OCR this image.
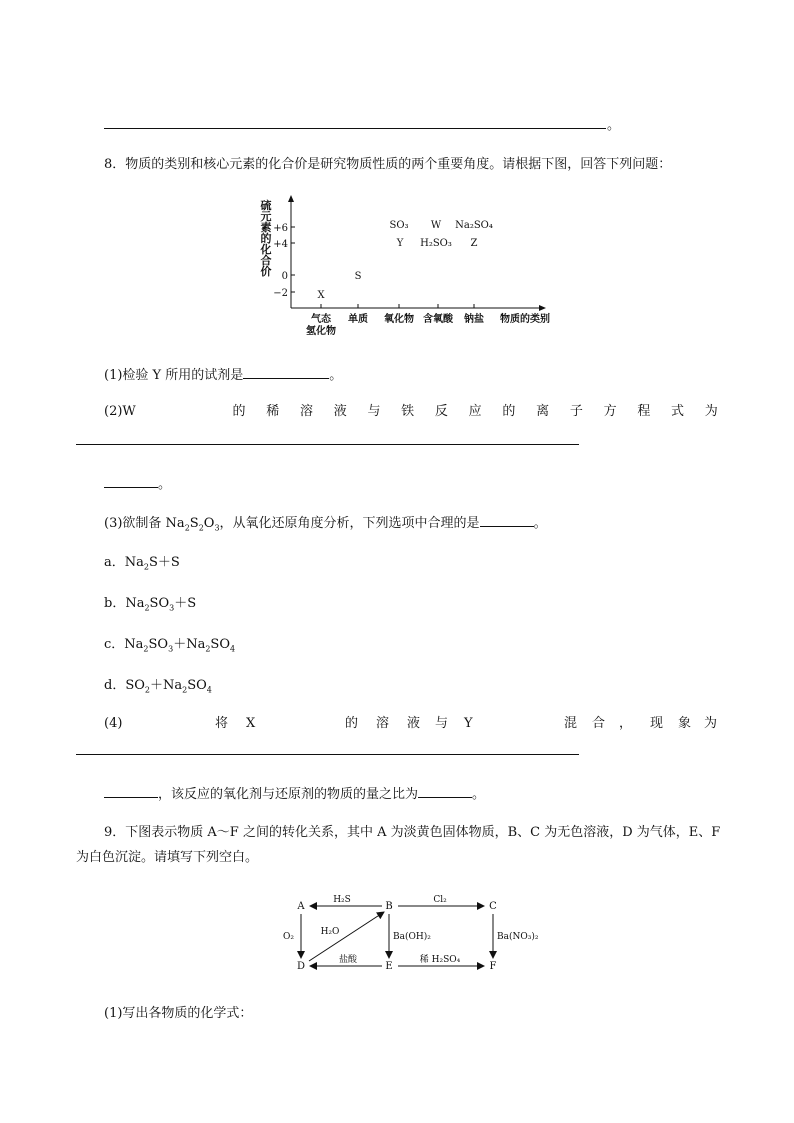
。
8．物质的类别和核心元素的化合价是研究物质性质的两个重要角度。请根据下图，回答下列问题：
硫
元
素
的
化
合
价
+6
+4
0
−2
气态
氢化物
单质 氧化物 含氧酸 钠盐 物质的类别
X
S
SO₃ W Na₂SO₄
Y H₂SO₃ Z
(1)检验 Y 所用的试剂是	。
(2)W	的 稀 溶 液 与 铁 反 应 的 离 子 方 程 式 为
。
(3)欲制备 $Na_2S_2O_3$，从氧化还原角度分析，下列选项中合理的是	。
a．$Na_2S+S$
b．$Na_2SO_3+S$
c．$Na_2SO_3+Na_2SO_4$
d．$SO_2+Na_2SO_4$
(4)	将 X	的 溶 液 与 Y	混 合 ， 现 象 为
，该反应的氧化剂与还原剂的物质的量之比为	。
9．下图表示物质 A～F 之间的转化关系，其中 A 为淡黄色固体物质，B、C 为无色溶液，D 为气体，E、F
为白色沉淀。请填写下列空白。
A	B	C
D	E	F
H₂S	Cl₂
O₂	H₂O	Ba(OH)₂	Ba(NO₃)₂
盐酸	稀 H₂SO₄
(1)写出各物质的化学式：
